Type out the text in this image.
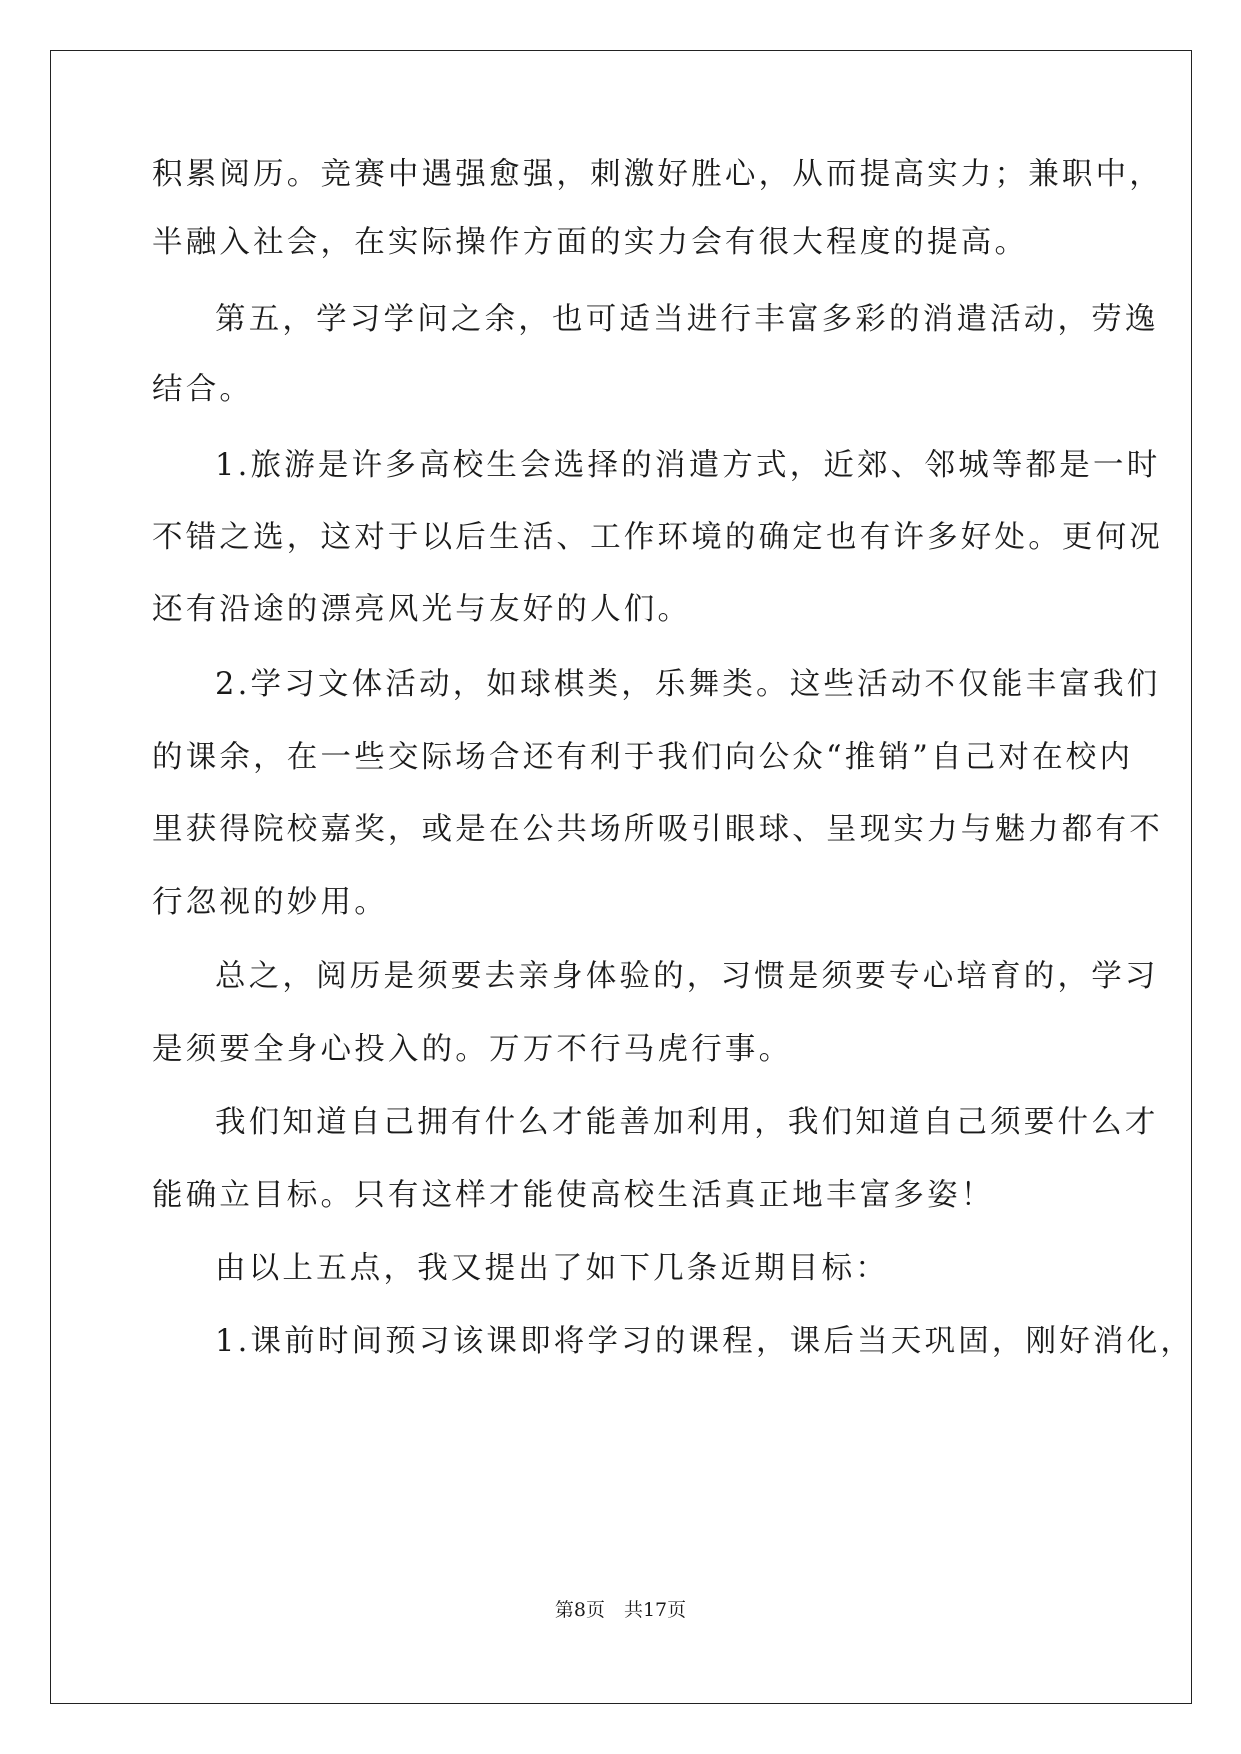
积累阅历。竞赛中遇强愈强，刺激好胜心，从而提高实力；兼职中，
半融入社会，在实际操作方面的实力会有很大程度的提高。
第五，学习学问之余，也可适当进行丰富多彩的消遣活动，劳逸
结合。
1.旅游是许多高校生会选择的消遣方式，近郊、邻城等都是一时
不错之选，这对于以后生活、工作环境的确定也有许多好处。更何况
还有沿途的漂亮风光与友好的人们。
2.学习文体活动，如球棋类，乐舞类。这些活动不仅能丰富我们
的课余，在一些交际场合还有利于我们向公众“推销”自己对在校内
里获得院校嘉奖，或是在公共场所吸引眼球、呈现实力与魅力都有不
行忽视的妙用。
总之，阅历是须要去亲身体验的，习惯是须要专心培育的，学习
是须要全身心投入的。万万不行马虎行事。
我们知道自己拥有什么才能善加利用，我们知道自己须要什么才
能确立目标。只有这样才能使高校生活真正地丰富多姿！
由以上五点，我又提出了如下几条近期目标：
1.课前时间预习该课即将学习的课程，课后当天巩固，刚好消化，
第8页　共17页
